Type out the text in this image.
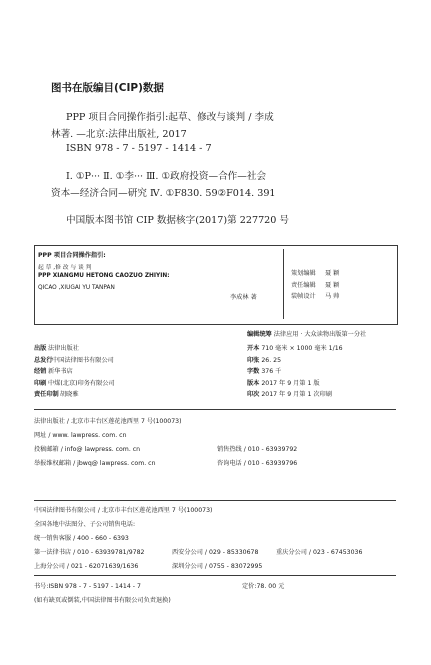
图书在版编目(CIP)数据
PPP 项目合同操作指引:起草、修改与谈判 / 李成
林著. —北京:法律出版社, 2017
ISBN 978 - 7 - 5197 - 1414 - 7
Ⅰ. ①P··· Ⅱ. ①李··· Ⅲ. ①政府投资—合作—社会
资本—经济合同—研究 Ⅳ. ①F830. 59②F014. 391
中国版本图书馆 CIP 数据核字(2017)第 227720 号
PPP 项目合同操作指引:
起 草 ,修 改 与 谈 判
PPP XIANGMU HETONG CAOZUO ZHIYIN:
QICAO ,XIUGAI YU TANPAN
李成林 著
策划编辑 聂 颖
责任编辑 聂 颖
装帧设计 马 帅
编辑统筹 法律应用 · 大众读物出版第一分社
出版 法律出版社
总发行 中国法律图书有限公司
经销 新华书店
印刷 中煤(北京)印务有限公司
责任印制 胡晓雅
开本 710 毫米 × 1000 毫米 1/16
印张 26. 25
字数 376 千
版本 2017 年 9 月第 1 版
印次 2017 年 9 月第 1 次印刷
法律出版社 / 北京市丰台区莲花池西里 7 号(100073)
网址 / www. lawpress. com. cn
投稿邮箱 / info@ lawpress. com. cn	销售热线 / 010 - 63939792
举报维权邮箱 / jbwq@ lawpress. com. cn	咨询电话 / 010 - 63939796
中国法律图书有限公司 / 北京市丰台区莲花池西里 7 号(100073)
全国各地中法图分、子公司销售电话:
统一销售客服 / 400 - 660 - 6393
第一法律书店 / 010 - 63939781/9782	西安分公司 / 029 - 85330678	重庆分公司 / 023 - 67453036
上海分公司 / 021 - 62071639/1636	深圳分公司 / 0755 - 83072995
书号:ISBN 978 - 7 - 5197 - 1414 - 7	定价:78. 00 元
(如有缺页或倒装,中国法律图书有限公司负责退换)
